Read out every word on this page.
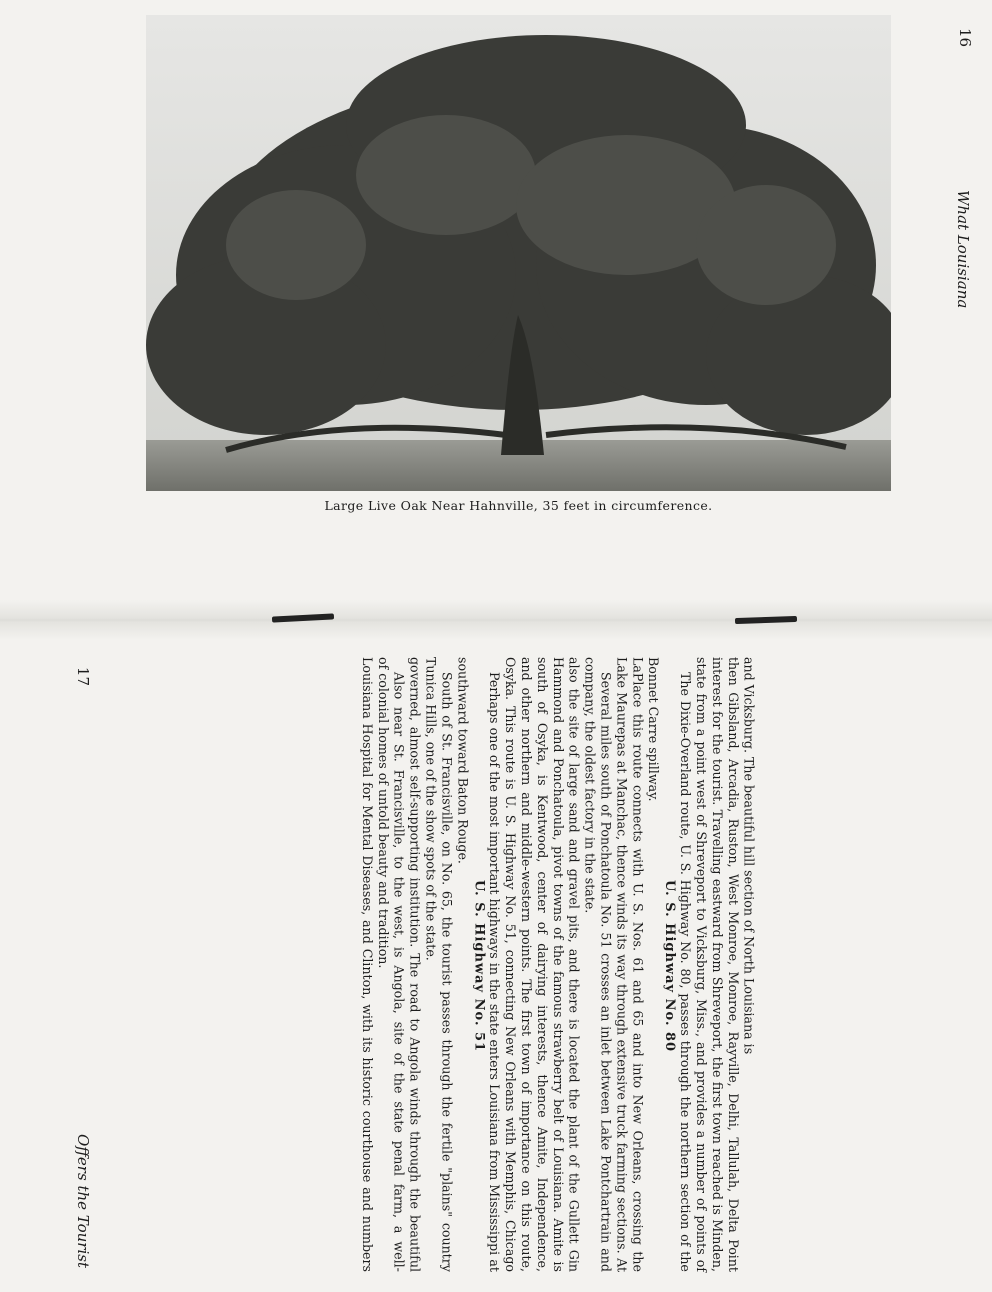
16
What Louisiana
Large Live Oak Near Hahnville, 35 feet in circumference.
Offers the Tourist
17	Louisiana Hospital for Mental Diseases, and Clinton, with its historic courthouse and numbers of colonial homes of untold beauty and tradition. Also near St. Francisville, to the west, is Angola, site of the state penal farm, a well-governed, almost self-supporting institution. The road to Angola winds through the beautiful Tunica Hills, one of the show spots of the state. South of St. Francisville, on No. 65, the tourist passes through the fertile "plains" country southward toward Baton Rouge.

U. S. Highway No. 51 Perhaps one of the most important highways in the state enters Louisiana from Mississippi at Osyka. This route is U. S. Highway No. 51, connecting New Orleans with Memphis, Chicago and other northern and middle-western points. The first town of importance on this route, south of Osyka, is Kentwood, center of dairying interests, thence Amite, Independence, Hammond and Ponchatoula, pivot towns of the famous strawberry belt of Louisiana. Amite is also the site of large sand and gravel pits, and there is located the plant of the Gullett Gin company, the oldest factory in the state. Several miles south of Ponchatoula No. 51 crosses an inlet between Lake Pontchartrain and Lake Maurepas at Manchac, thence winds its way through extensive truck farming sections. At LaPlace this route connects with U. S. Nos. 61 and 65 and into New Orleans, crossing the Bonnet Carre spillway.

U. S. Highway No. 80 The Dixie-Overland route, U. S. Highway No. 80, passes through the northern section of the state from a point west of Shreveport to Vicksburg, Miss., and provides a number of points of interest for the tourist. Travelling eastward from Shreveport, the first town reached is Minden, then Gibsland, Arcadia, Ruston, West Monroe, Monroe, Rayville, Delhi, Tallulah, Delta Point and Vicksburg. The beautiful hill section of North Louisiana is
